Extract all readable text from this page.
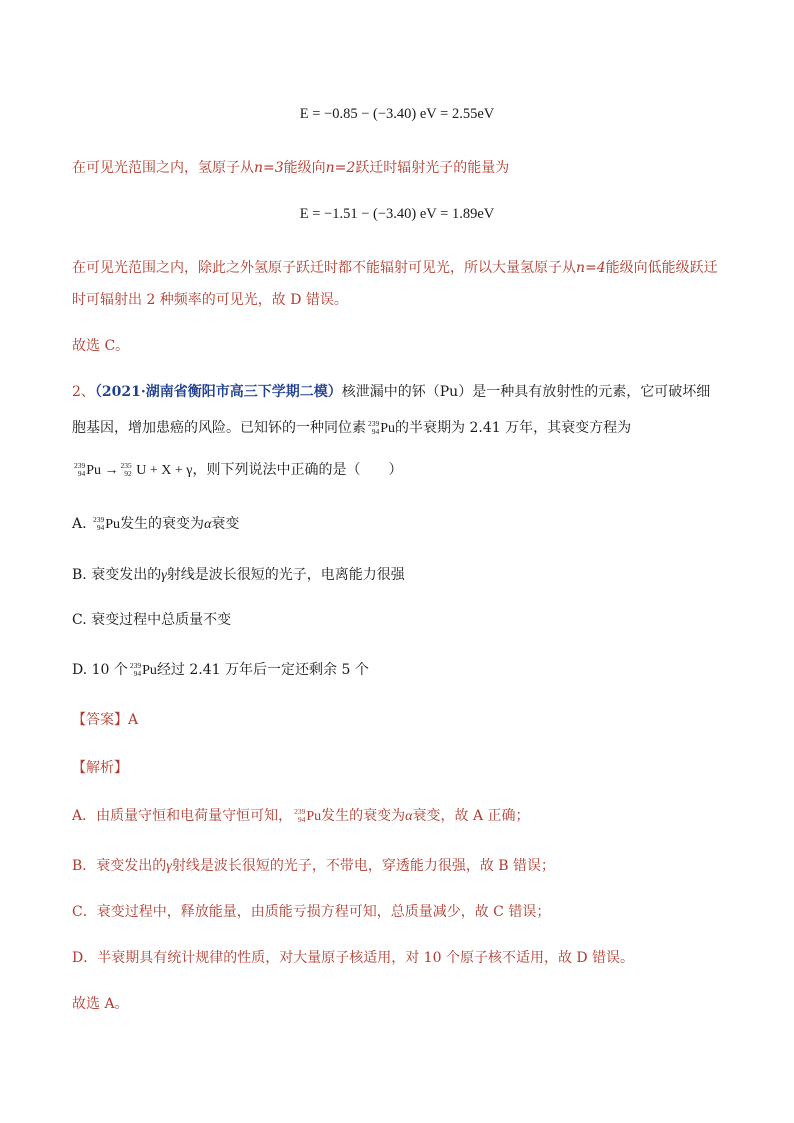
E = −0.85 − (−3.40) eV = 2.55eV
在可见光范围之内，氢原子从n=3能级向n=2跃迁时辐射光子的能量为
E = −1.51 − (−3.40) eV = 1.89eV
在可见光范围之内，除此之外氢原子跃迁时都不能辐射可见光，所以大量氢原子从n=4能级向低能级跃迁
时可辐射出 2 种频率的可见光，故 D 错误。
故选 C。
2、（2021·湖南省衡阳市高三下学期二模）核泄漏中的钚（Pu）是一种具有放射性的元素，它可破坏细
胞基因，增加患癌的风险。已知钚的一种同位素 239
94 Pu的半衰期为 2.41 万年，其衰变方程为
239
94 Pu → 235
92 U + X + γ，则下列说法中正确的是（　　）
A. 239
94 Pu发生的衰变为α衰变
B. 衰变发出的γ射线是波长很短的光子，电离能力很强
C. 衰变过程中总质量不变
D. 10 个 239
94 Pu经过 2.41 万年后一定还剩余 5 个
【答案】A
【解析】
A．由质量守恒和电荷量守恒可知， 239
94 Pu发生的衰变为α衰变，故 A 正确；
B．衰变发出的γ射线是波长很短的光子，不带电，穿透能力很强，故 B 错误；
C．衰变过程中，释放能量，由质能亏损方程可知，总质量减少，故 C 错误；
D．半衰期具有统计规律的性质，对大量原子核适用，对 10 个原子核不适用，故 D 错误。
故选 A。
